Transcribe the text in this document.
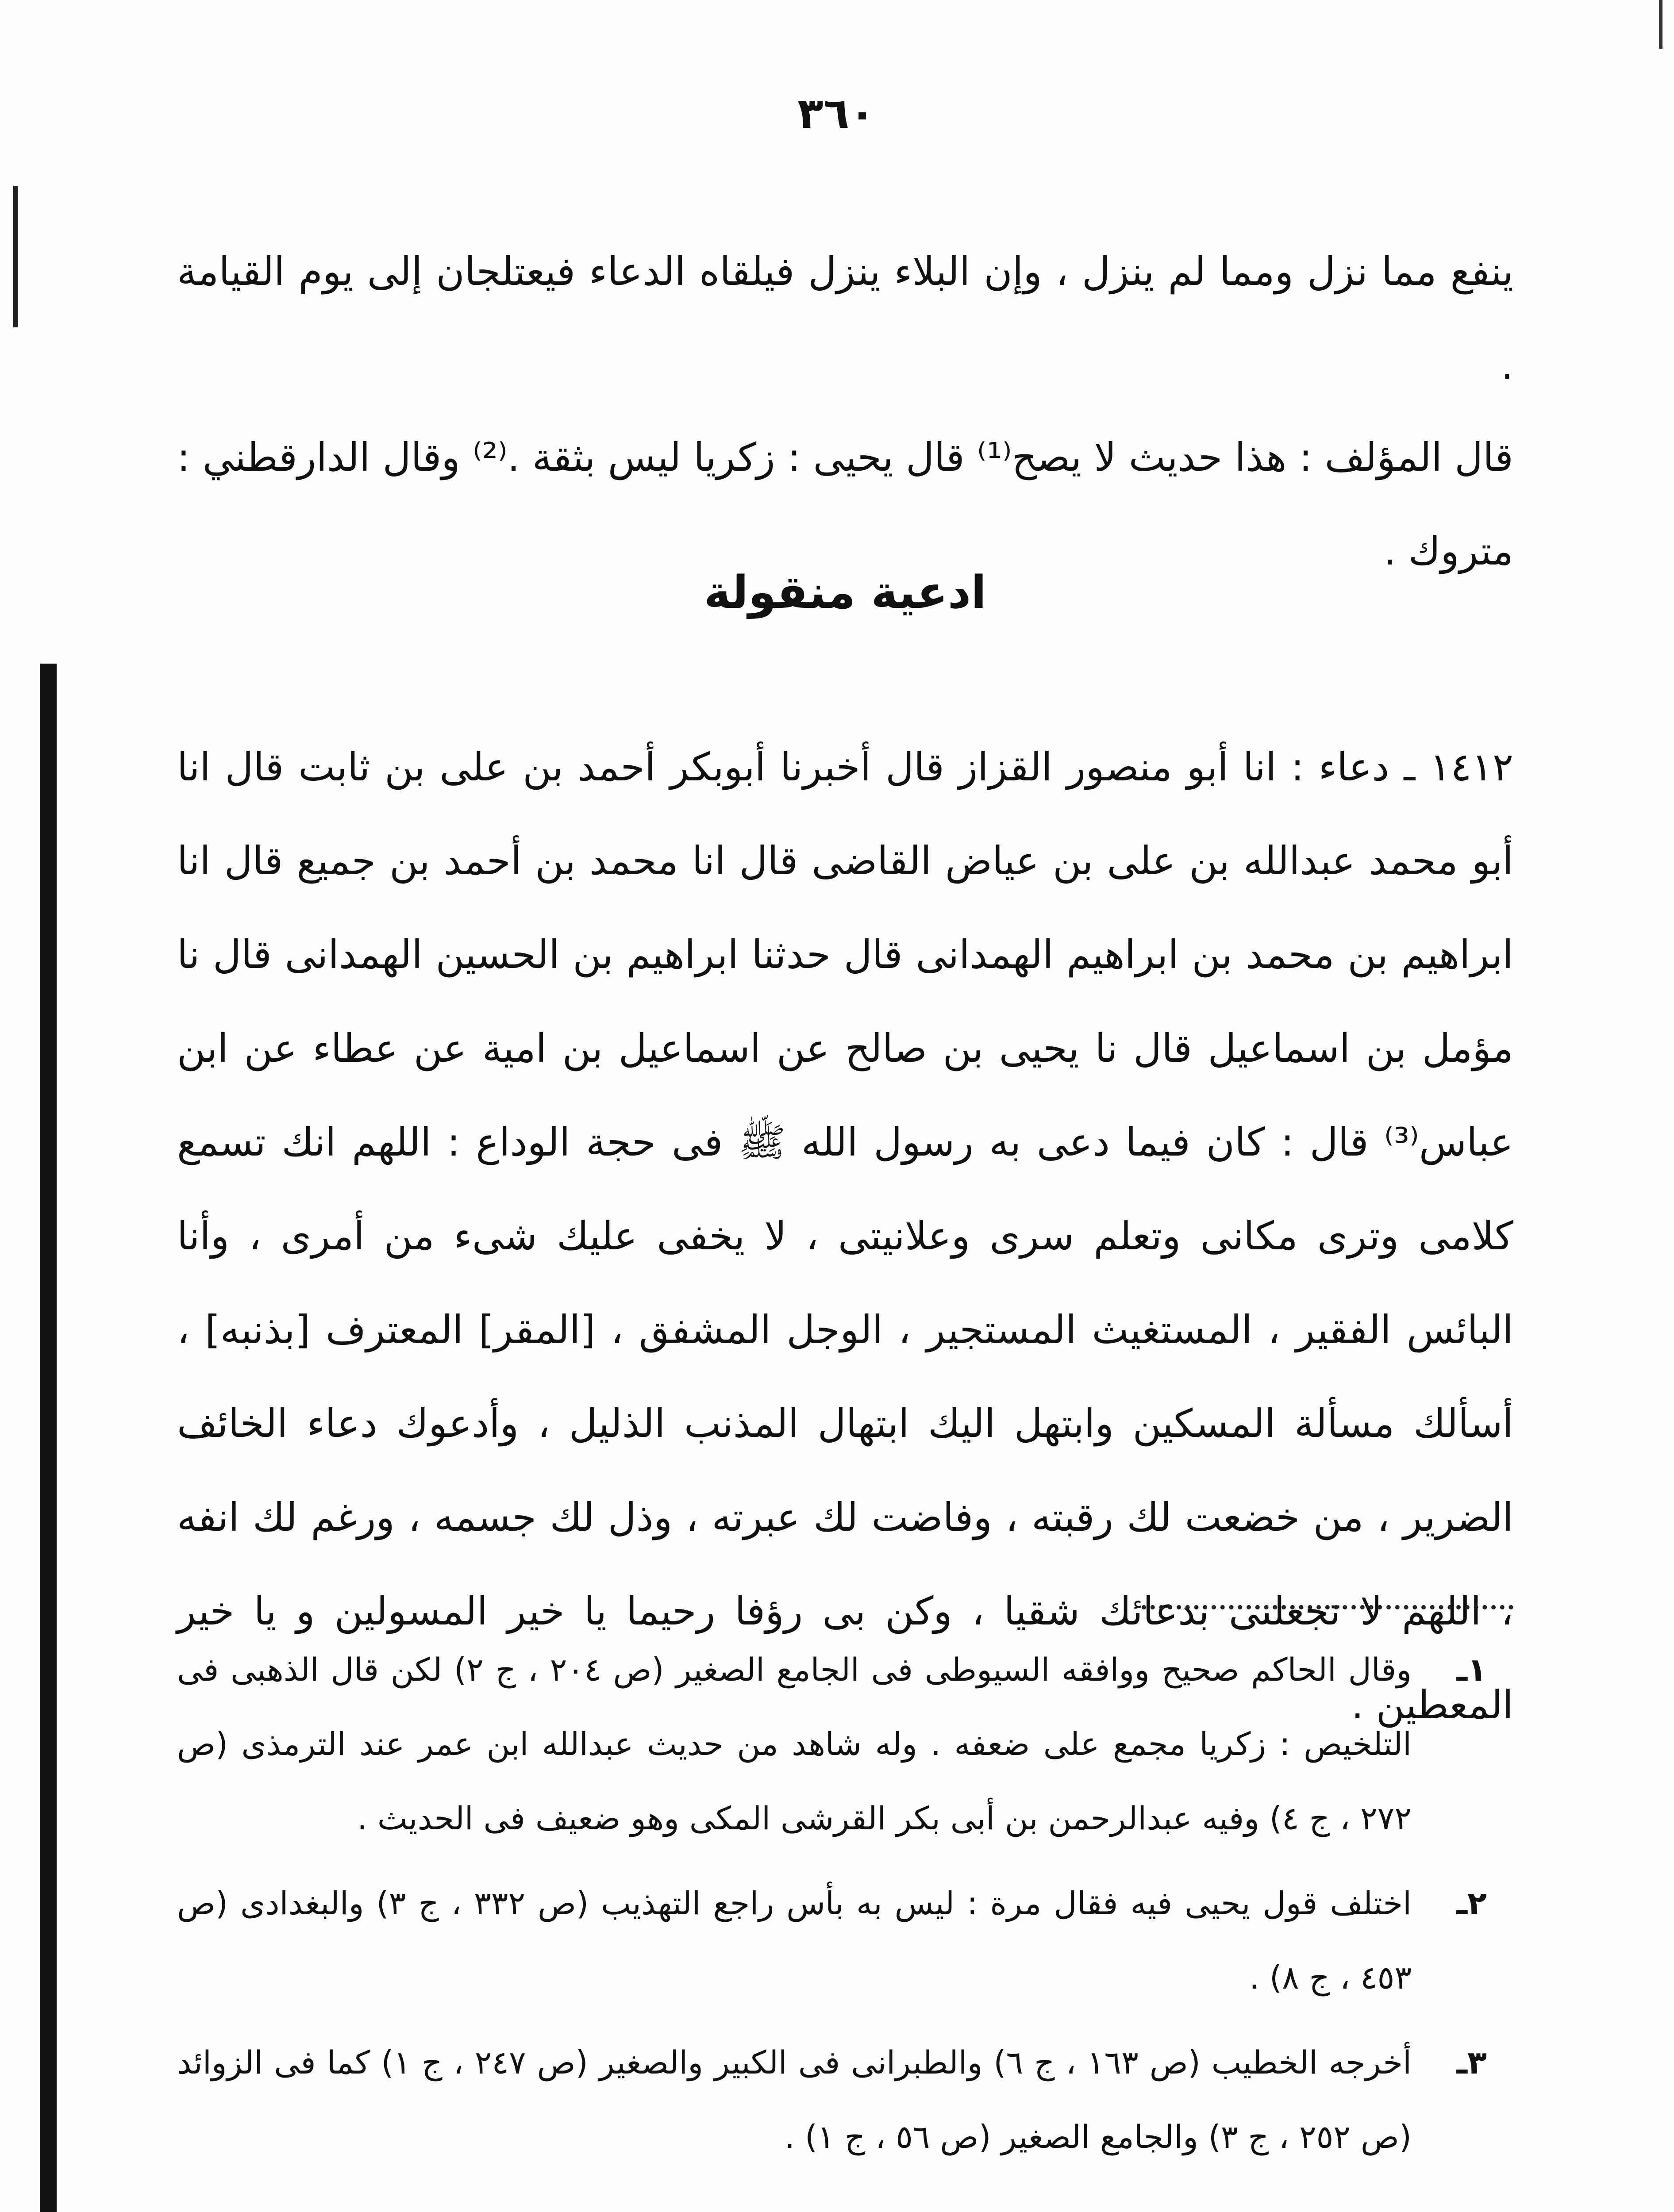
٣٦٠

ينفع مما نزل ومما لم ينزل ، وإن البلاء ينزل فيلقاه الدعاء فيعتلجان إلى يوم القيامة .

قال المؤلف : هذا حديث لا يصح⁽¹⁾ قال يحيى : زكريا ليس بثقة .⁽²⁾ وقال الدارقطني : متروك .

ادعية منقولة

١٤١٢ ـ دعاء : انا أبو منصور القزاز قال أخبرنا أبوبكر أحمد بن على بن ثابت قال انا أبو محمد عبدالله بن على بن عياض القاضى قال انا محمد بن أحمد بن جميع قال انا ابراهيم بن محمد بن ابراهيم الهمدانى قال حدثنا ابراهيم بن الحسين الهمدانى قال نا مؤمل بن اسماعيل قال نا يحيى بن صالح عن اسماعيل بن امية عن عطاء عن ابن عباس⁽³⁾ قال : كان فيما دعى به رسول الله ﷺ فى حجة الوداع : اللهم انك تسمع كلامى وترى مكانى وتعلم سرى وعلانيتى ، لا يخفى عليك شىء من أمرى ، وأنا البائس الفقير ، المستغيث المستجير ، الوجل المشفق ، [المقر] المعترف [بذنبه] ، أسألك مسألة المسكين وابتهل اليك ابتهال المذنب الذليل ، وأدعوك دعاء الخائف الضرير ، من خضعت لك رقبته ، وفاضت لك عبرته ، وذل لك جسمه ، ورغم لك انفه ، اللهم لا تجعلنى بدعائك شقيا ، وكن بى رؤفا رحيما يا خير المسولين و يا خير المعطين .

١ـ
وقال الحاكم صحيح ووافقه السيوطى فى الجامع الصغير (ص ٢٠٤ ، ج ٢) لكن قال الذهبى فى التلخيص : زكريا مجمع على ضعفه . وله شاهد من حديث عبدالله ابن عمر عند الترمذى (ص ٢٧٢ ، ج ٤) وفيه عبدالرحمن بن أبى بكر القرشى المكى وهو ضعيف فى الحديث .
٢ـ
اختلف قول يحيى فيه فقال مرة : ليس به بأس راجع التهذيب (ص ٣٣٢ ، ج ٣) والبغدادى (ص ٤٥٣ ، ج ٨) .
٣ـ
أخرجه الخطيب (ص ١٦٣ ، ج ٦) والطبرانى فى الكبير والصغير (ص ٢٤٧ ، ج ١) كما فى الزوائد (ص ٢٥٢ ، ج ٣) والجامع الصغير (ص ٥٦ ، ج ١) .
